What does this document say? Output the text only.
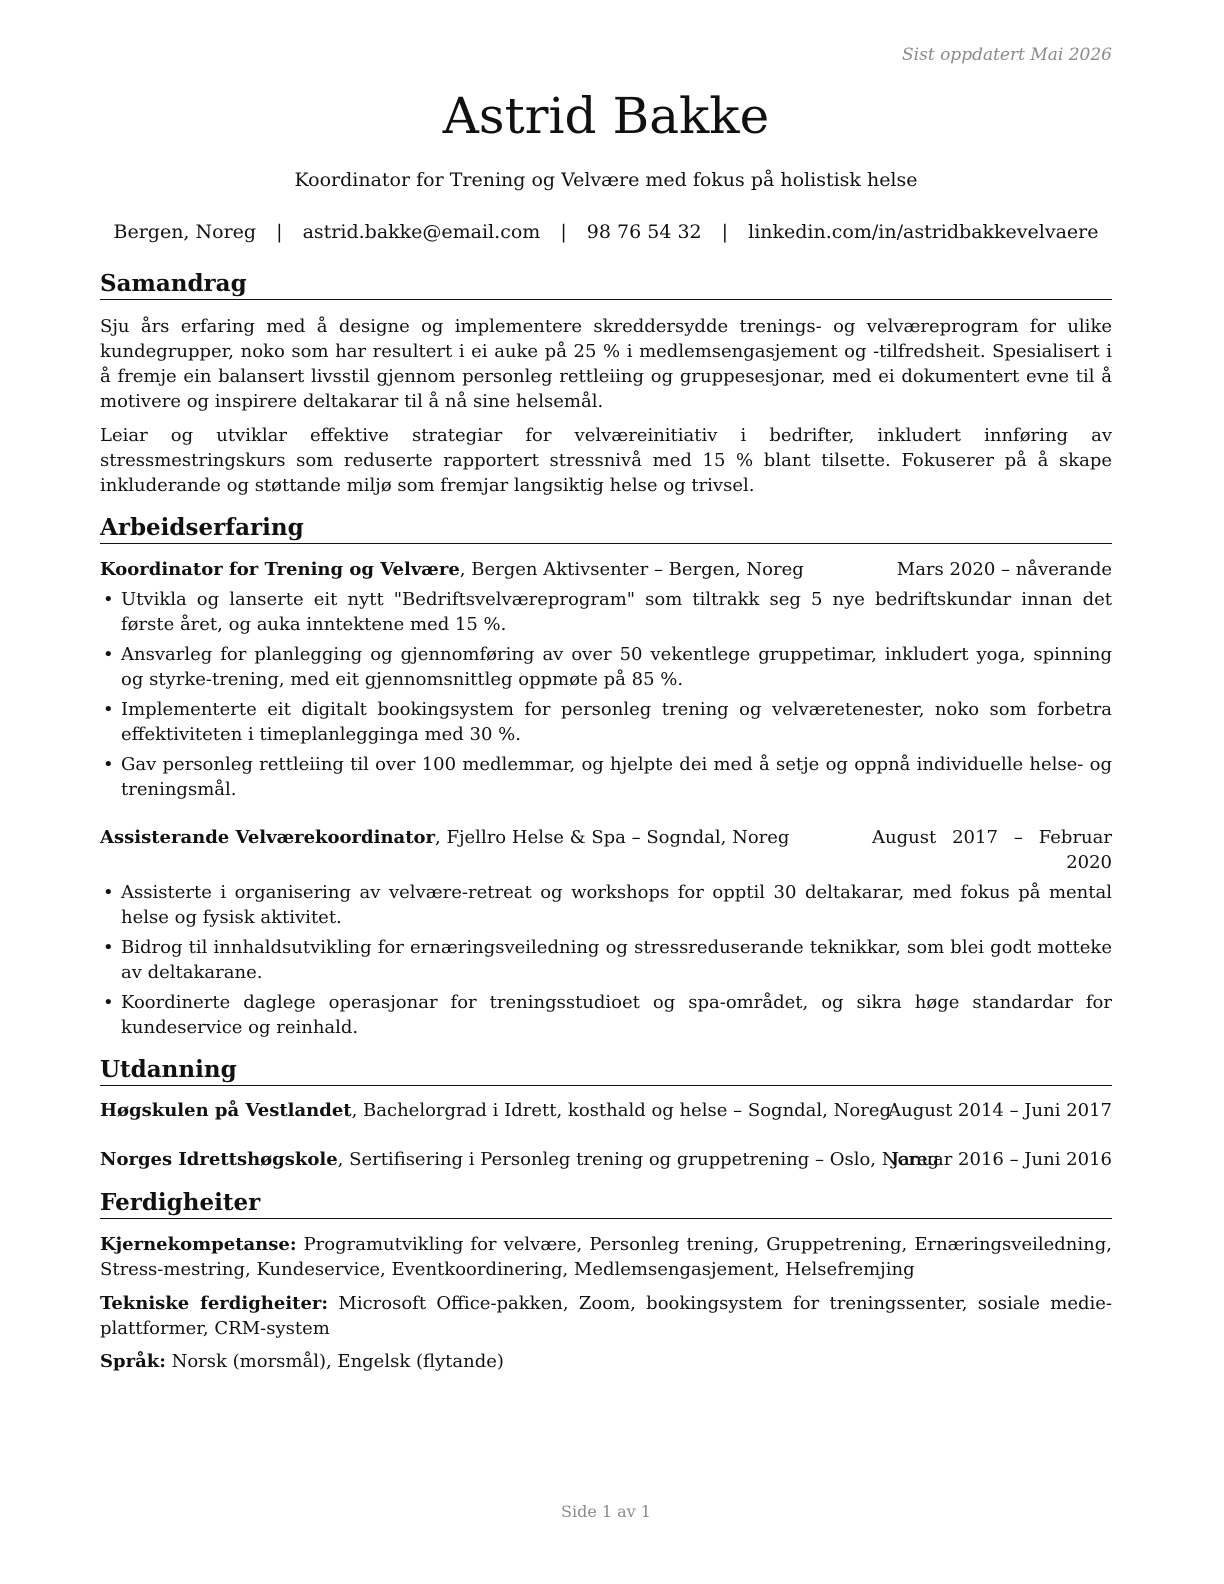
Sist oppdatert Mai 2026
Astrid Bakke
Koordinator for Trening og Velvære med fokus på holistisk helse
Bergen, Noreg | astrid.bakke@email.com | 98 76 54 32 | linkedin.com/in/astridbakkevelvaere
Samandrag
Sju års erfaring med å designe og implementere skreddersydde trenings- og velværeprogram for ulike kundegrupper, noko som har resultert i ei auke på 25 % i medlemsengasjement og -tilfredsheit. Spesialisert i å fremje ein balansert livsstil gjennom personleg rettleiing og gruppesesjonar, med ei dokumentert evne til å motivere og inspirere deltakarar til å nå sine helsemål.
Leiar og utviklar effektive strategiar for velværeinitiativ i bedrifter, inkludert innføring av stressmestringskurs som reduserte rapportert stressnivå med 15 % blant tilsette. Fokuserer på å skape inkluderande og støttande miljø som fremjar langsiktig helse og trivsel.
Arbeidserfaring
Koordinator for Trening og Velvære, Bergen Aktivsenter – Bergen, Noreg	Mars 2020 – nåverande
• Utvikla og lanserte eit nytt "Bedriftsvelværeprogram" som tiltrakk seg 5 nye bedriftskundar innan det første året, og auka inntektene med 15 %.
• Ansvarleg for planlegging og gjennomføring av over 50 vekentlege gruppetimar, inkludert yoga, spinning og styrke-trening, med eit gjennomsnittleg oppmøte på 85 %.
• Implementerte eit digitalt bookingsystem for personleg trening og velværetenester, noko som forbetra effektiviteten i timeplanlegginga med 30 %.
• Gav personleg rettleiing til over 100 medlemmar, og hjelpte dei med å setje og oppnå individuelle helse- og treningsmål.
Assisterande Velværekoordinator, Fjellro Helse & Spa – Sogndal, Noreg	August 2017 – Februar 2020
• Assisterte i organisering av velvære-retreat og workshops for opptil 30 deltakarar, med fokus på mental helse og fysisk aktivitet.
• Bidrog til innhaldsutvikling for ernæringsveiledning og stressreduserande teknikkar, som blei godt motteke av deltakarane.
• Koordinerte daglege operasjonar for treningsstudioet og spa-området, og sikra høge standardar for kundeservice og reinhald.
Utdanning
Høgskulen på Vestlandet, Bachelorgrad i Idrett, kosthald og helse – Sogndal, Noreg
August 2014 – Juni 2017
Norges Idrettshøgskole, Sertifisering i Personleg trening og gruppetrening – Oslo, Noreg
Januar 2016 – Juni 2016
Ferdigheiter
Kjernekompetanse: Programutvikling for velvære, Personleg trening, Gruppetrening, Ernæringsveiledning, Stress-mestring, Kundeservice, Eventkoordinering, Medlemsengasjement, Helsefremjing
Tekniske ferdigheiter: Microsoft Office-pakken, Zoom, bookingsystem for treningssenter, sosiale medie-plattformer, CRM-system
Språk: Norsk (morsmål), Engelsk (flytande)
Side 1 av 1
